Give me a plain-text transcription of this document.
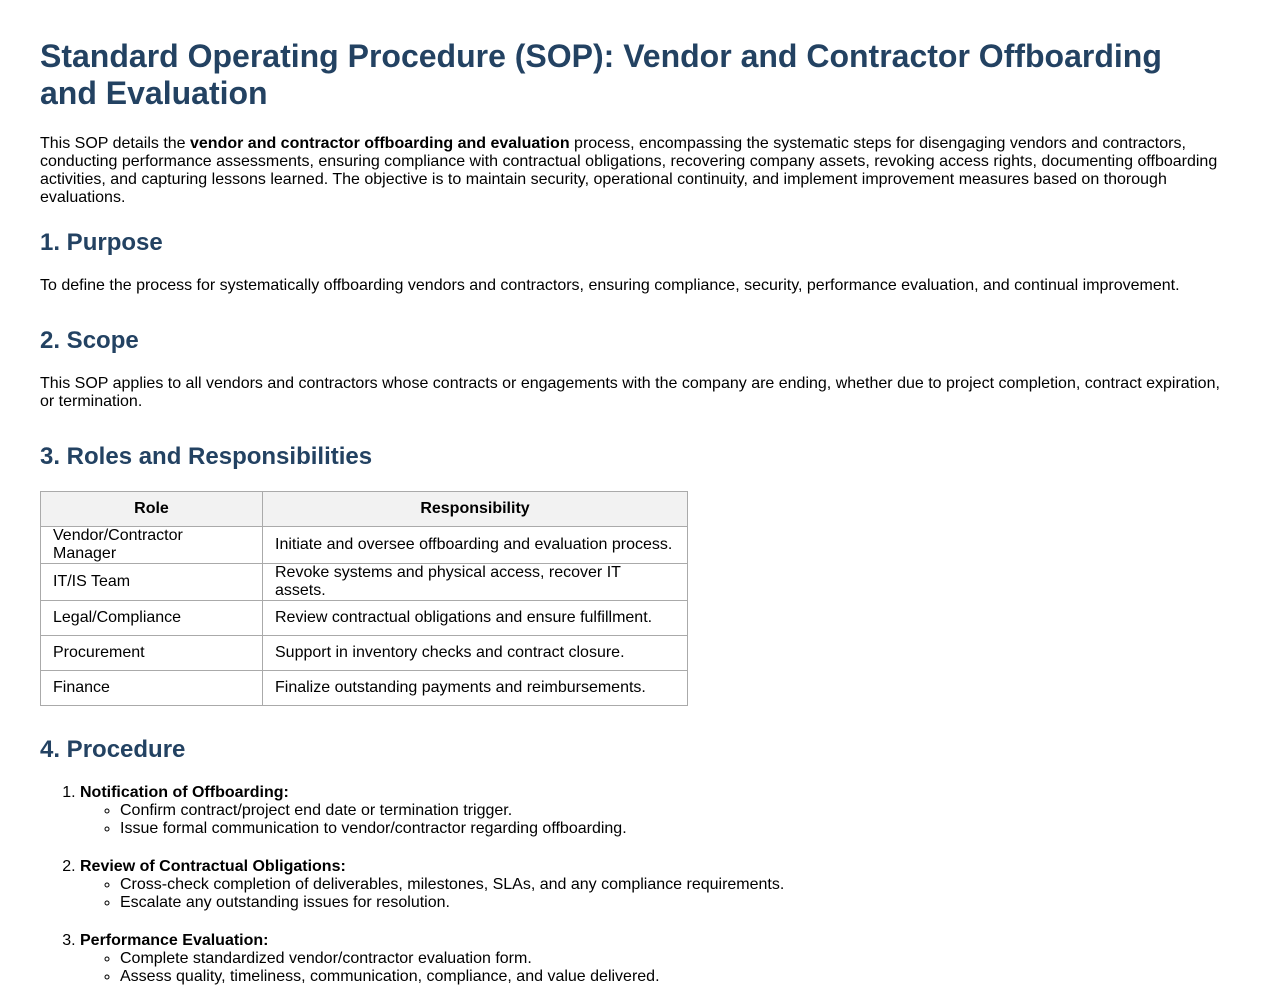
Standard Operating Procedure (SOP): Vendor and Contractor Offboarding and Evaluation

This SOP details the vendor and contractor offboarding and evaluation process, encompassing the systematic steps for disengaging vendors and contractors, conducting performance assessments, ensuring compliance with contractual obligations, recovering company assets, revoking access rights, documenting offboarding activities, and capturing lessons learned. The objective is to maintain security, operational continuity, and implement improvement measures based on thorough evaluations.

1. Purpose

To define the process for systematically offboarding vendors and contractors, ensuring compliance, security, performance evaluation, and continual improvement.

2. Scope

This SOP applies to all vendors and contractors whose contracts or engagements with the company are ending, whether due to project completion, contract expiration, or termination.

3. Roles and Responsibilities
Role	Responsibility
Vendor/Contractor Manager	Initiate and oversee offboarding and evaluation process.
IT/IS Team	Revoke systems and physical access, recover IT assets.
Legal/Compliance	Review contractual obligations and ensure fulfillment.
Procurement	Support in inventory checks and contract closure.
Finance	Finalize outstanding payments and reimbursements.
4. Procedure
1. Notification of Offboarding:
◦ Confirm contract/project end date or termination trigger.
◦ Issue formal communication to vendor/contractor regarding offboarding.
2. Review of Contractual Obligations:
◦ Cross-check completion of deliverables, milestones, SLAs, and any compliance requirements.
◦ Escalate any outstanding issues for resolution.
3. Performance Evaluation:
◦ Complete standardized vendor/contractor evaluation form.
◦ Assess quality, timeliness, communication, compliance, and value delivered.
